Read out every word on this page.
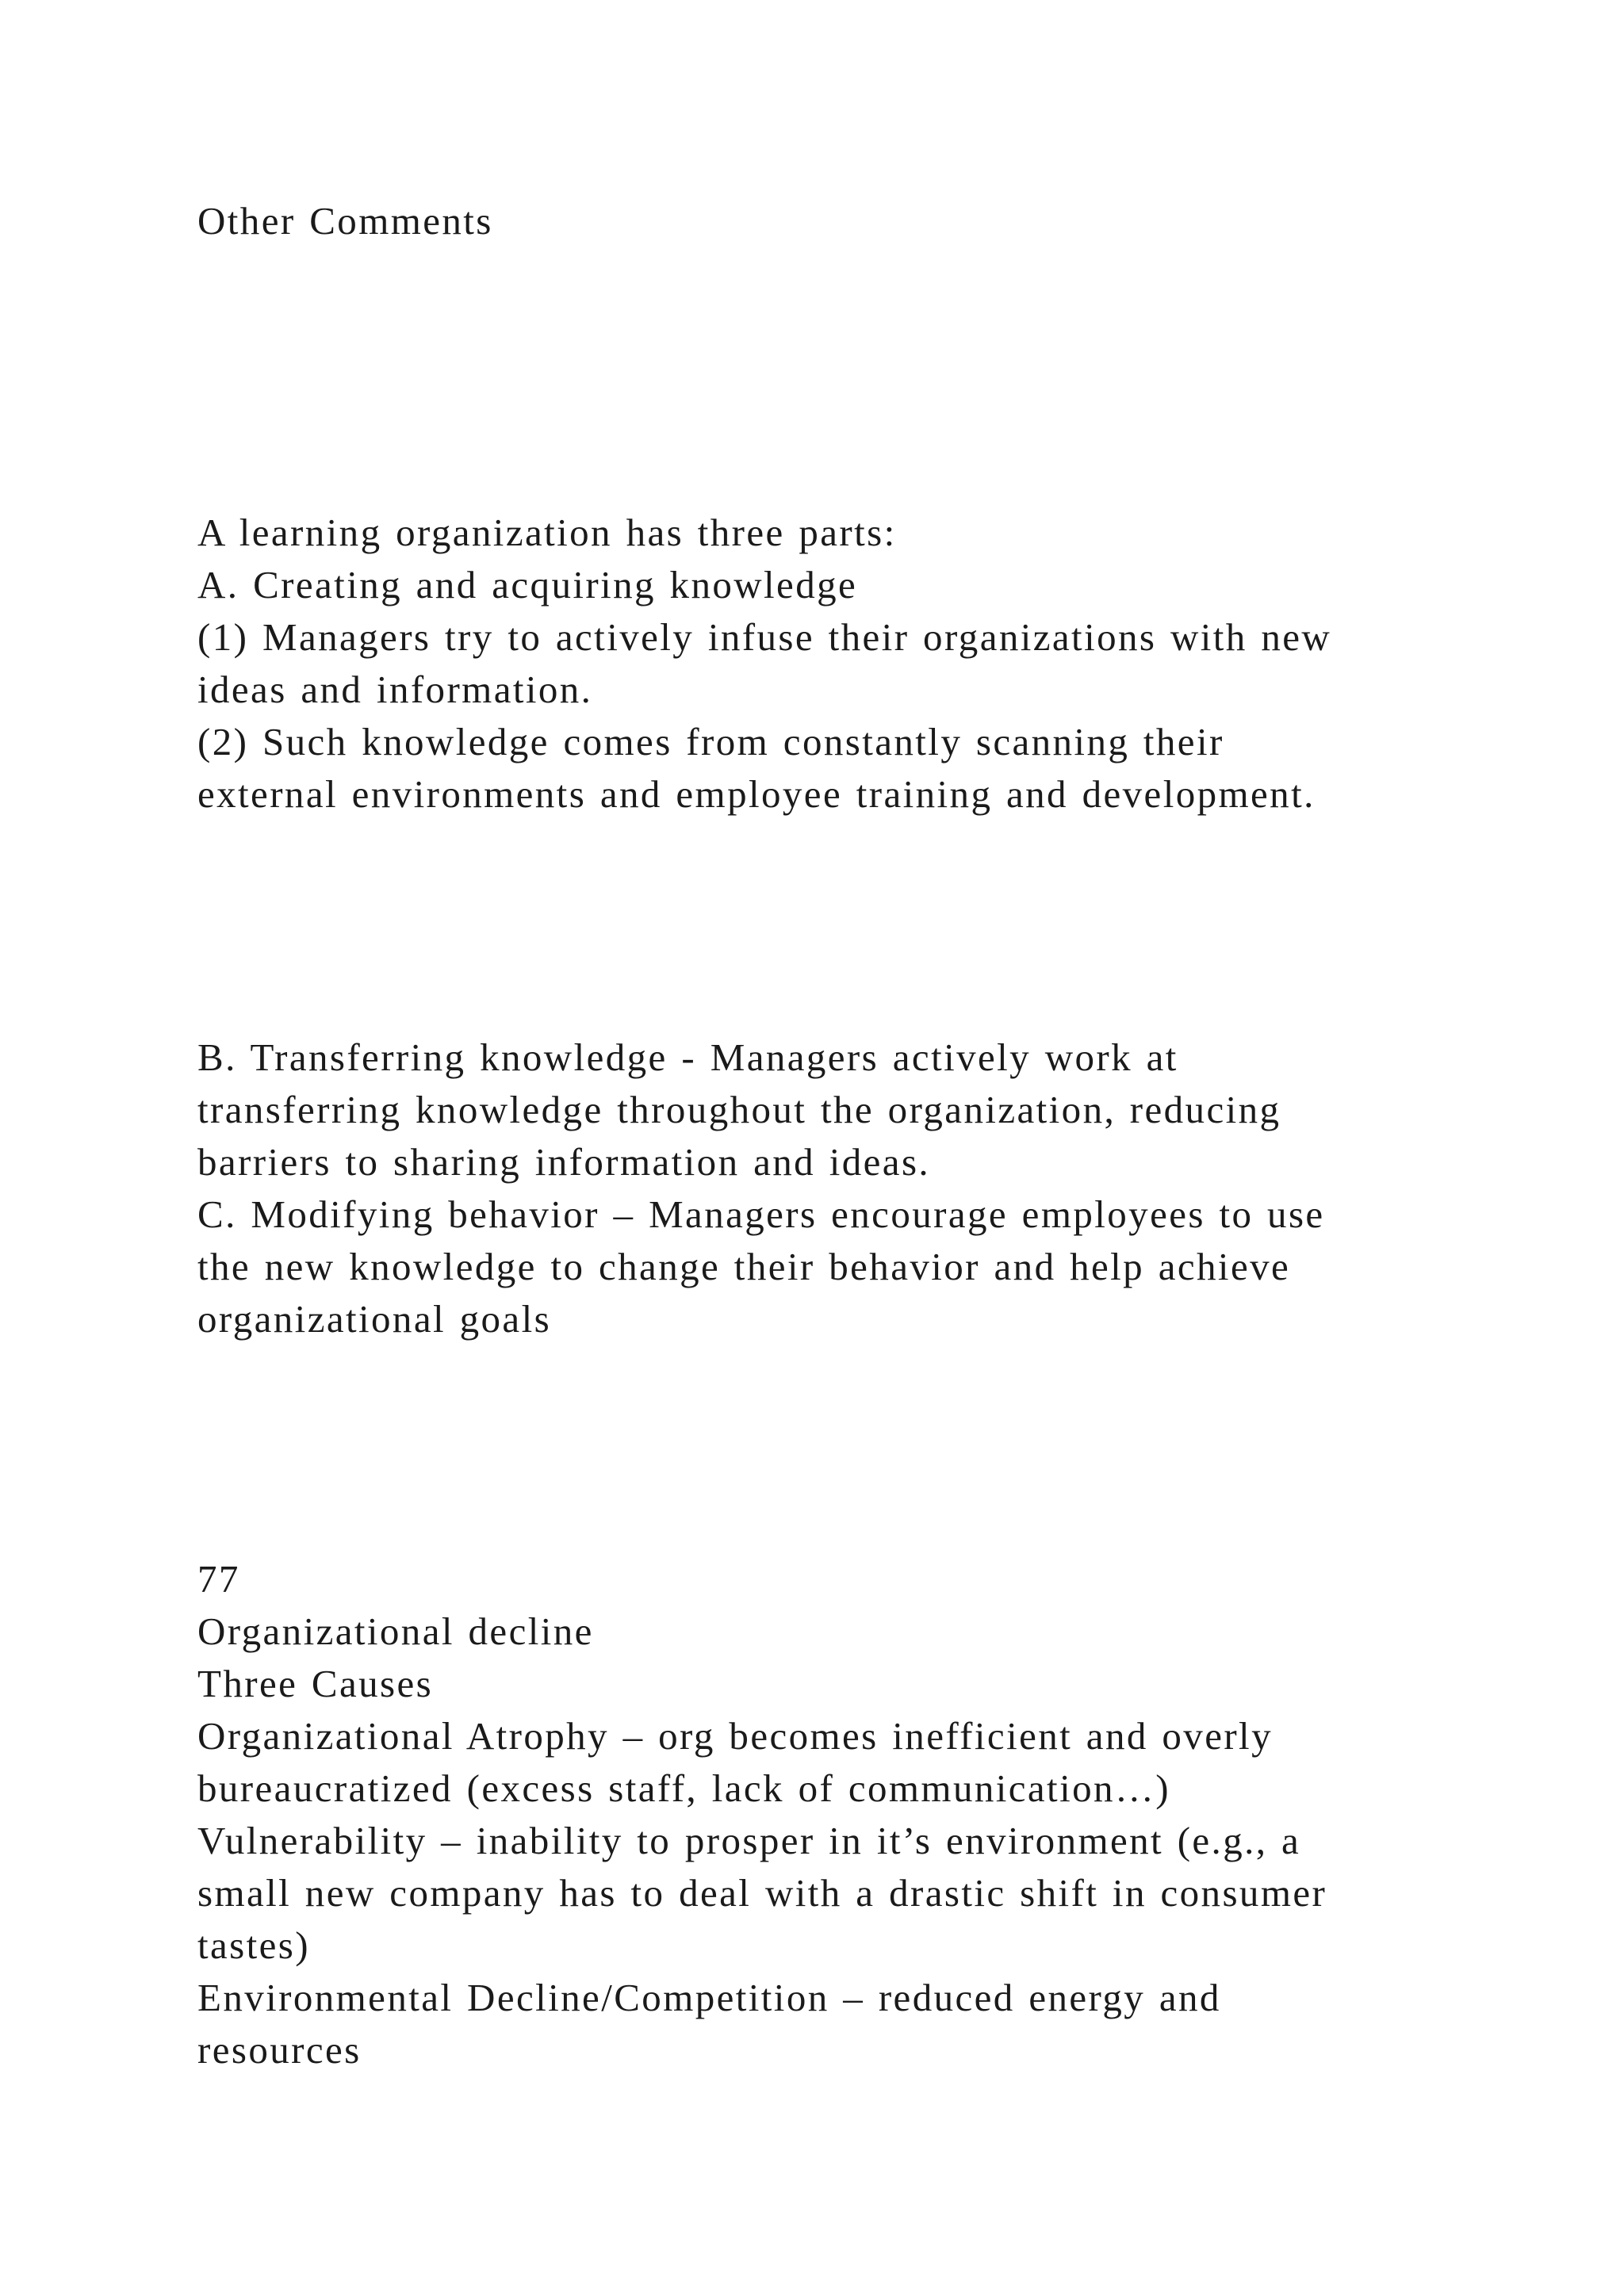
Other Comments
A learning organization has three parts:
A. Creating and acquiring knowledge
(1) Managers try to actively infuse their organizations with new
ideas and information.
(2) Such knowledge comes from constantly scanning their
external environments and employee training and development.
B. Transferring knowledge - Managers actively work at
transferring knowledge throughout the organization, reducing
barriers to sharing information and ideas.
C. Modifying behavior – Managers encourage employees to use
the new knowledge to change their behavior and help achieve
organizational goals
77
Organizational decline
Three Causes
Organizational Atrophy – org becomes inefficient and overly
bureaucratized (excess staff, lack of communication…)
Vulnerability – inability to prosper in it’s environment (e.g., a
small new company has to deal with a drastic shift in consumer
tastes)
Environmental Decline/Competition – reduced energy and
resources
